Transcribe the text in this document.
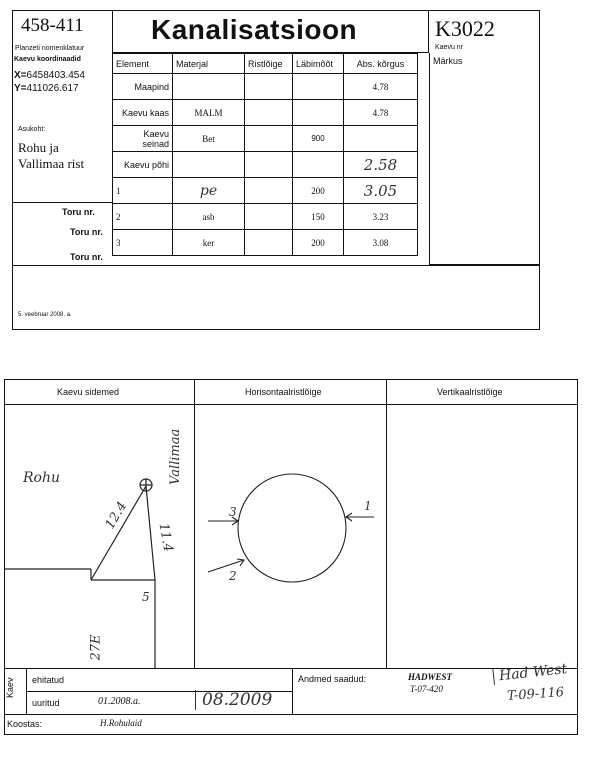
458-411
Planzeti nomenklatuur
Kanalisatsioon	K3022
Kaevu nr
Märkus
Kaevu koordinaadid
X=6458403.454
Y=411026.617
Asukoht:
Rohu ja
Vallimaa rist
5. veebruar 2008. a.
Element	Materjal	Ristlõige	Läbimõõt	Abs. kõrgus
Maapind				4.78
Kaevu kaas	MALM			4.78
Kaevu seinad	Bet		900	
Kaevu põhi				2.58
1	pe		200	3.05
2	asb		150	3.23
3	ker		200	3.08
Toru nr.
Toru nr.
Toru nr.
Kaevu sidemed	Horisontaalristlõige	Vertikaalristlõige
Rohu	Vallimaa
12.4
11.4
5
27E
3	1
2
Kaev ehitatud
uuritud	01.2008.a.	08.2009
Andmed saadud:	HADWEST
T-07-420
Had West
T-09-116
Koostas:	H.Rohulaid
